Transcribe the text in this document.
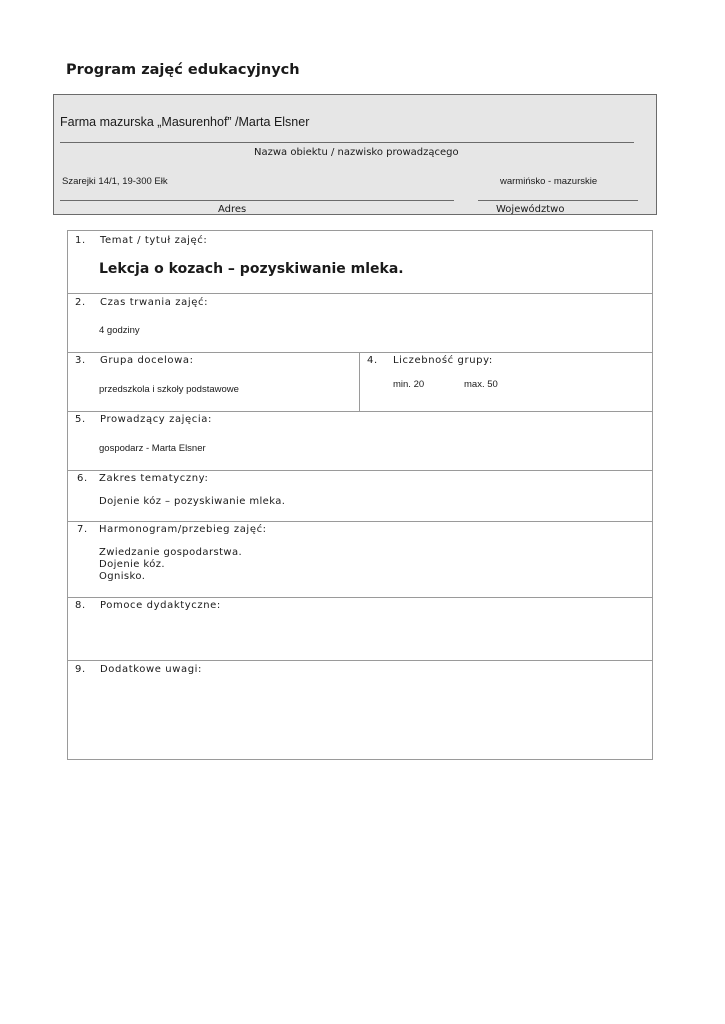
Program zajęć edukacyjnych
Farma mazurska „Masurenhof” /Marta Elsner
Nazwa obiektu / nazwisko prowadzącego
Szarejki 14/1, 19-300 Ełk	warmińsko - mazurskie
Adres	Województwo
1. Temat / tytuł zajęć:
Lekcja o kozach – pozyskiwanie mleka.
2. Czas trwania zajęć:
4 godziny
3. Grupa docelowa:
przedszkola i szkoły podstawowe
4. Liczebność grupy:
min. 20	max. 50
5. Prowadzący zajęcia:
gospodarz - Marta Elsner
6. Zakres tematyczny:
Dojenie kóz – pozyskiwanie mleka.
7. Harmonogram/przebieg zajęć:
Zwiedzanie gospodarstwa.
Dojenie kóz.
Ognisko.
8. Pomoce dydaktyczne:
9. Dodatkowe uwagi:
